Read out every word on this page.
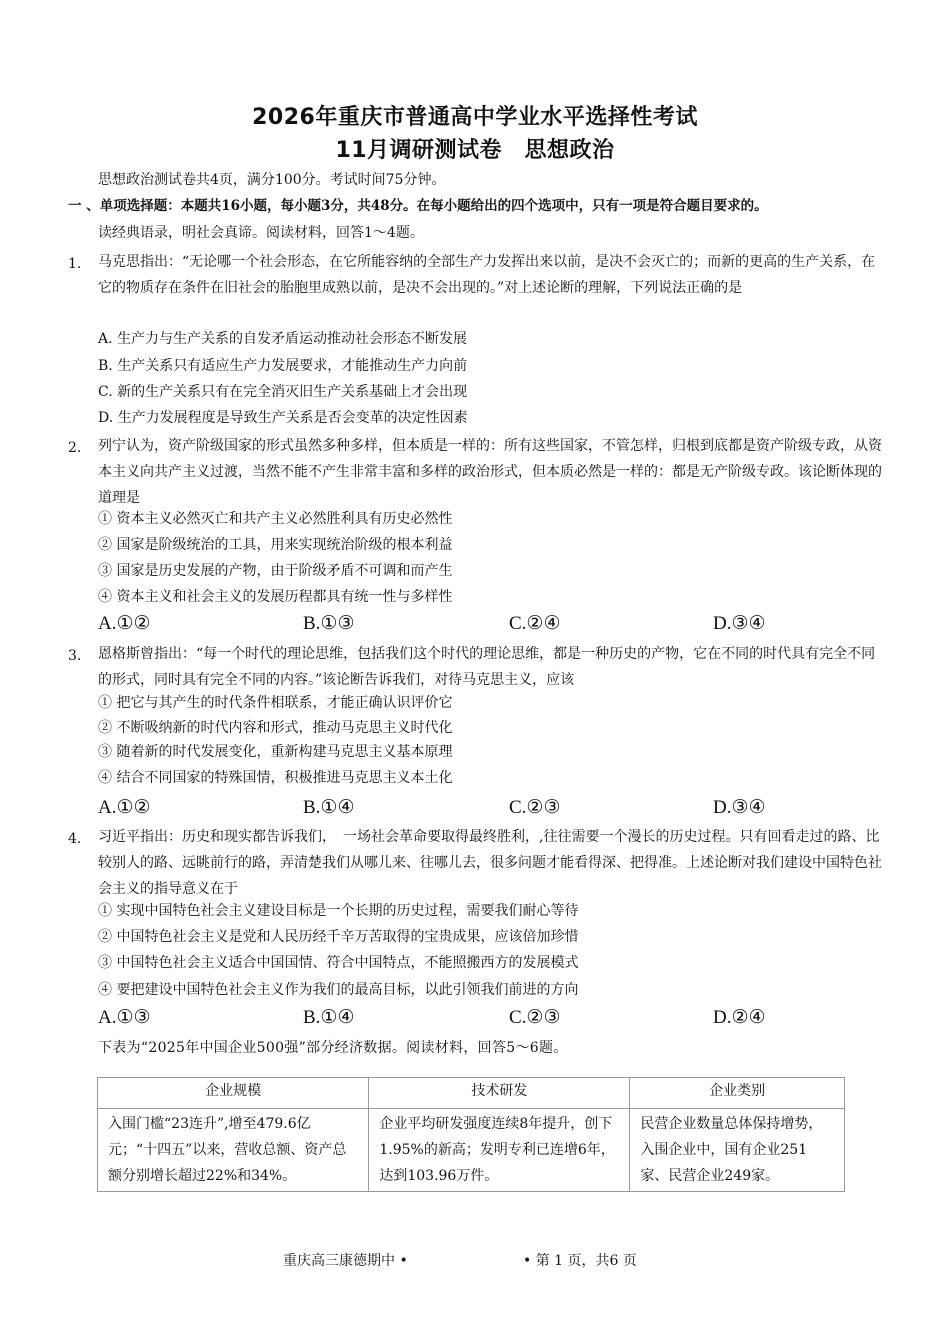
2026年重庆市普通高中学业水平选择性考试
11月调研测试卷　思想政治
思想政治测试卷共4页，满分100分。考试时间75分钟。
一 、单项选择题：本题共16小题，每小题3分，共48分。在每小题给出的四个选项中，只有一项是符合题目要求的。
读经典语录，明社会真谛。阅读材料，回答1～4题。
1. 马克思指出：“无论哪一个社会形态，在它所能容纳的全部生产力发挥出来以前，是决不会灭亡的；而新的更高的生产关系，在它的物质存在条件在旧社会的胎胞里成熟以前，是决不会出现的。”对上述论断的理解，下列说法正确的是
A. 生产力与生产关系的自发矛盾运动推动社会形态不断发展
B. 生产关系只有适应生产力发展要求，才能推动生产力向前
C. 新的生产关系只有在完全消灭旧生产关系基础上才会出现
D. 生产力发展程度是导致生产关系是否会变革的决定性因素
2. 列宁认为，资产阶级国家的形式虽然多种多样，但本质是一样的：所有这些国家，不管怎样，归根到底都是资产阶级专政，从资本主义向共产主义过渡，当然不能不产生非常丰富和多样的政治形式，但本质必然是一样的：都是无产阶级专政。该论断体现的道理是
① 资本主义必然灭亡和共产主义必然胜利具有历史必然性
② 国家是阶级统治的工具，用来实现统治阶级的根本利益
③ 国家是历史发展的产物，由于阶级矛盾不可调和而产生
④ 资本主义和社会主义的发展历程都具有统一性与多样性
A.①②	B.①③	C.②④	D.③④
3. 恩格斯曾指出：“每一个时代的理论思维，包括我们这个时代的理论思维，都是一种历史的产物，它在不同的时代具有完全不同的形式，同时具有完全不同的内容。”该论断告诉我们，对待马克思主义，应该
① 把它与其产生的时代条件相联系，才能正确认识评价它
② 不断吸纳新的时代内容和形式，推动马克思主义时代化
③ 随着新的时代发展变化，重新构建马克思主义基本原理
④ 结合不同国家的特殊国情，积极推进马克思主义本土化
A.①②	B.①④	C.②③	D.③④
4. 习近平指出：历史和现实都告诉我们，　一场社会革命要取得最终胜利，,往往需要一个漫长的历史过程。只有回看走过的路、比较别人的路、远眺前行的路，弄清楚我们从哪儿来、往哪儿去，很多问题才能看得深、把得准。上述论断对我们建设中国特色社会主义的指导意义在于
① 实现中国特色社会主义建设目标是一个长期的历史过程，需要我们耐心等待
② 中国特色社会主义是党和人民历经千辛万苦取得的宝贵成果，应该倍加珍惜
③ 中国特色社会主义适合中国国情、符合中国特点，不能照搬西方的发展模式
④ 要把建设中国特色社会主义作为我们的最高目标，以此引领我们前进的方向
A.①③	B.①④	C.②③	D.②④
下表为“2025年中国企业500强”部分经济数据。阅读材料，回答5～6题。
企业规模	技术研发	企业类别
入围门槛“23连升”,增至479.6亿元；“十四五”以来，营收总额、资产总额分别增长超过22%和34%。	企业平均研发强度连续8年提升，创下1.95%的新高；发明专利已连增6年，达到103.96万件。	民营企业数量总体保持增势，　入围企业中，国有企业251家、民营企业249家。
重庆高三康德期中 •	• 第 1 页，共6 页
